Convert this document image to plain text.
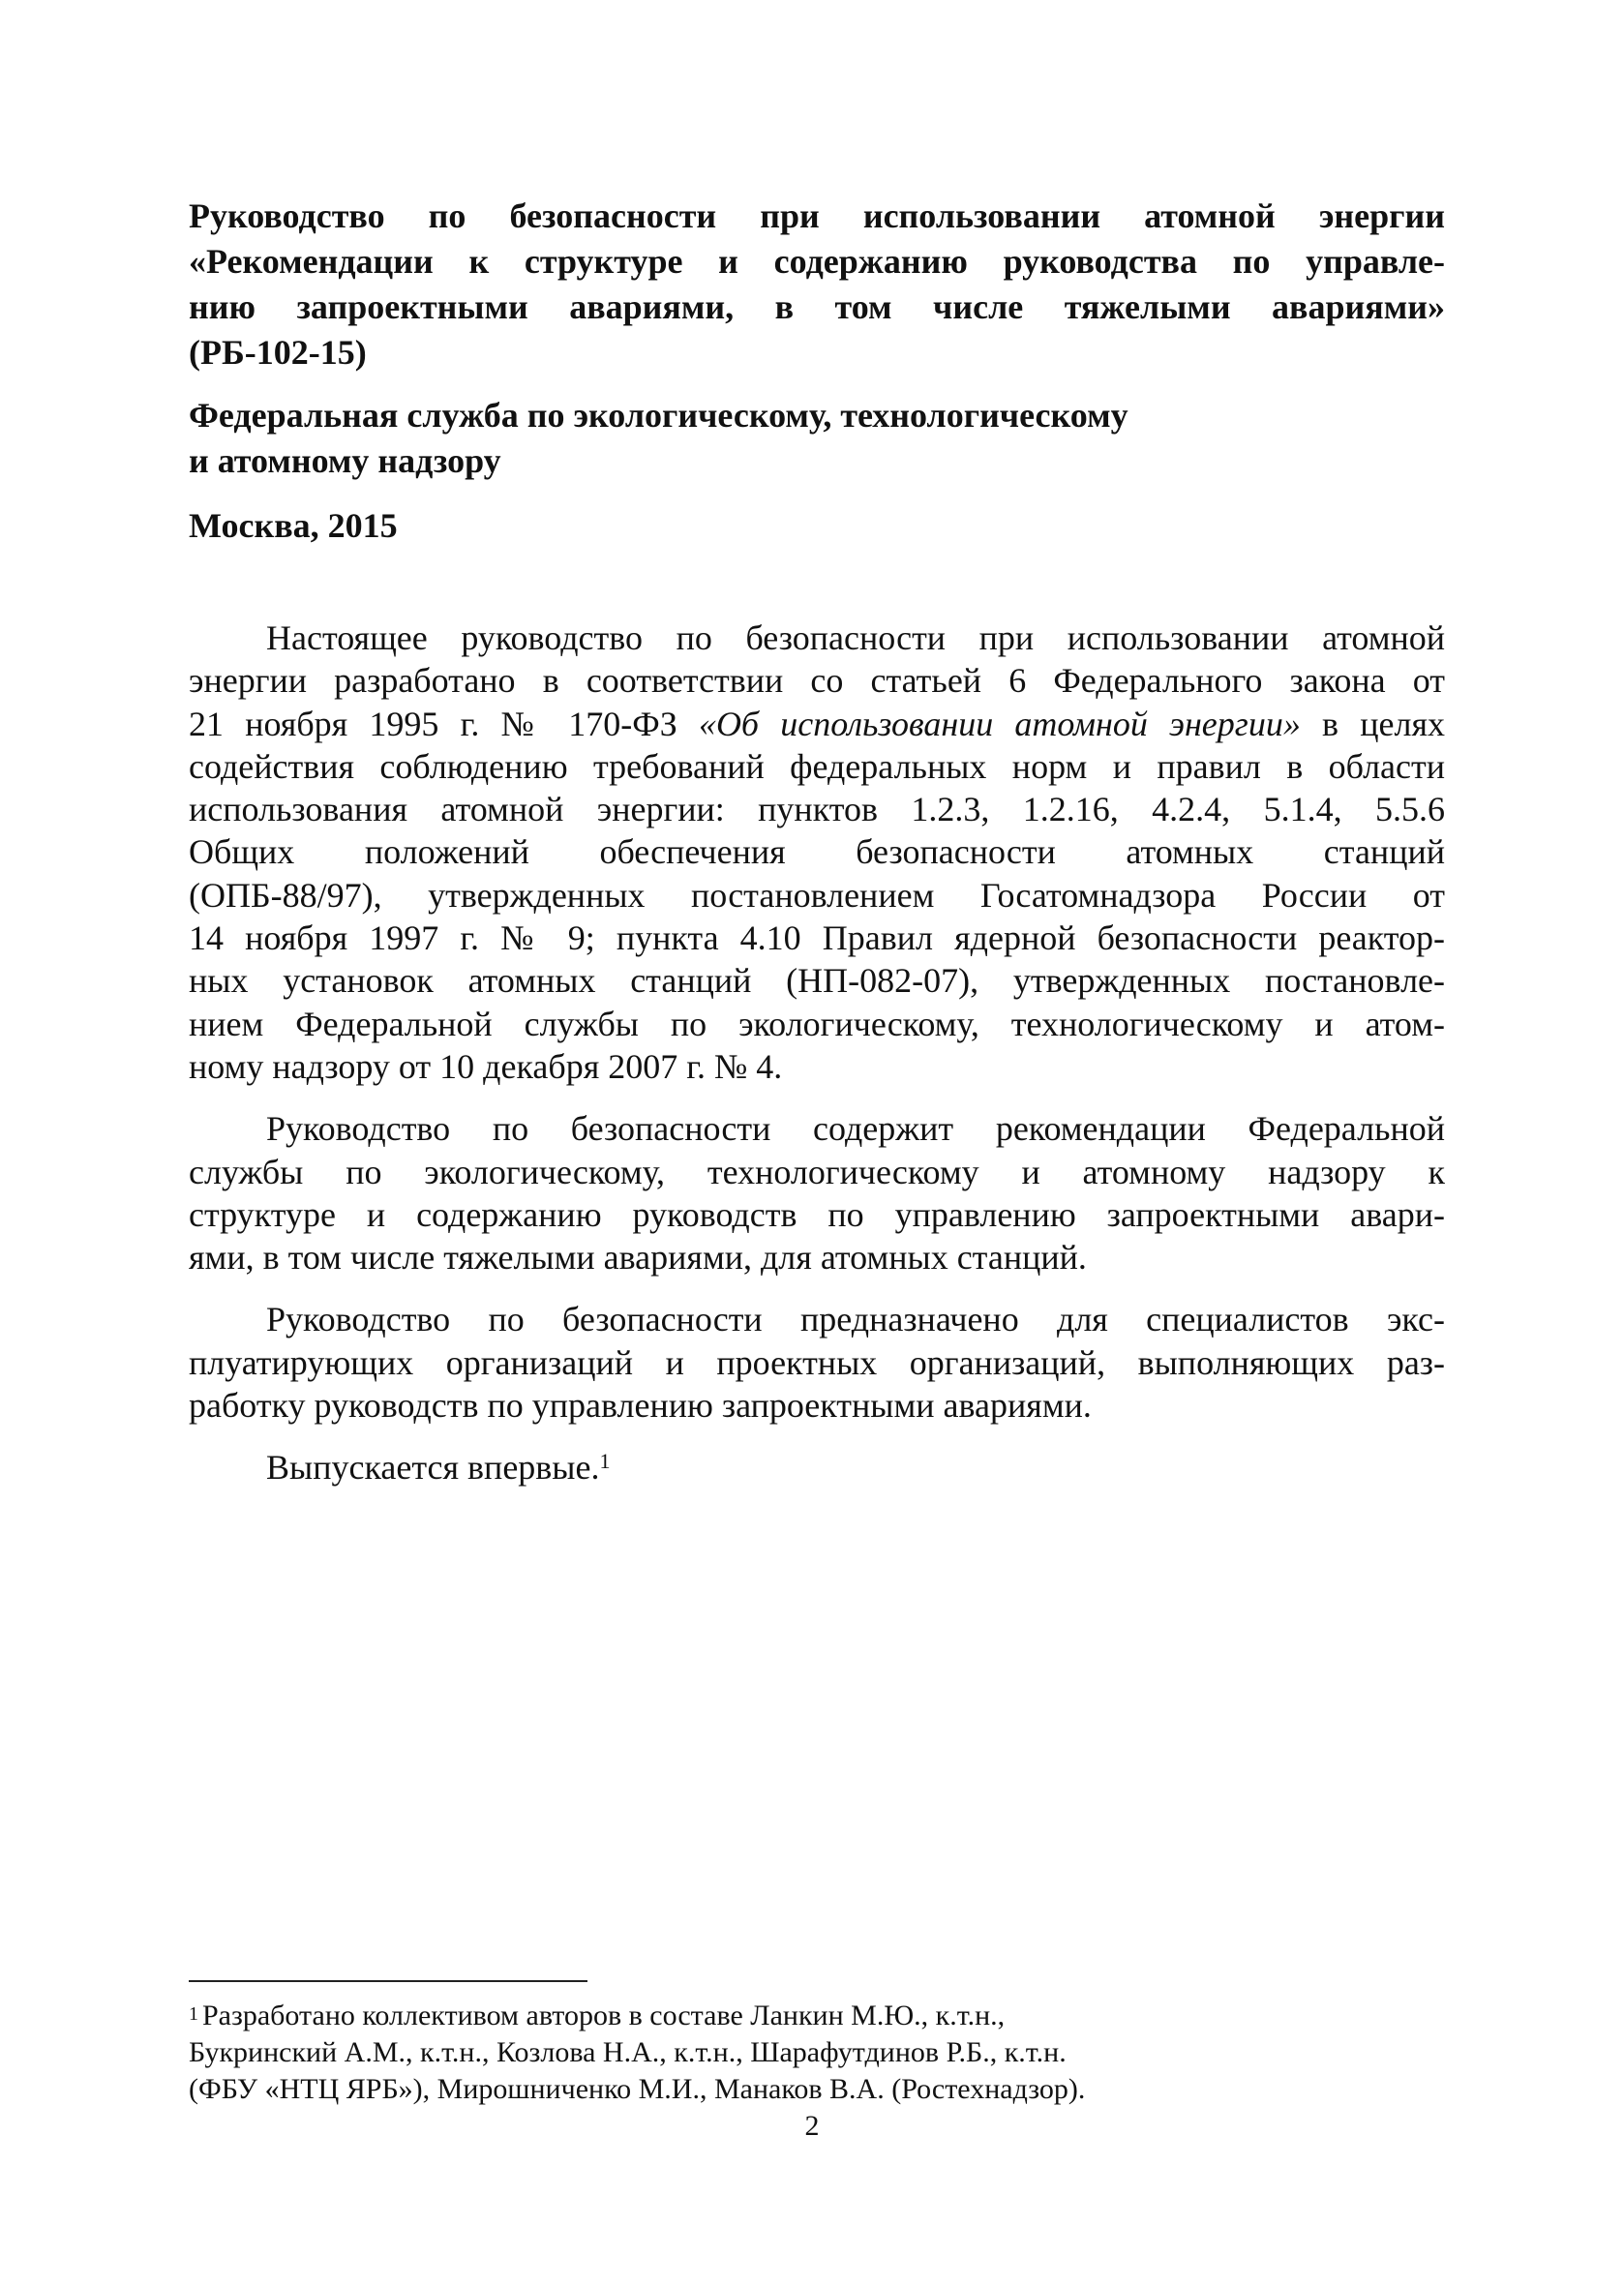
Руководство по безопасности при использовании атомной энергии
«Рекомендации к структуре и содержанию руководства по управле-
нию запроектными авариями, в том числе тяжелыми авариями»
(РБ-102-15)
Федеральная служба по экологическому, технологическому
и атомному надзору
Москва, 2015
Настоящее руководство по безопасности при использовании атомной
энергии разработано в соответствии со статьей 6 Федерального закона от
21 ноября 1995 г. № 170-ФЗ «Об использовании атомной энергии» в целях
содействия соблюдению требований федеральных норм и правил в области
использования атомной энергии: пунктов 1.2.3, 1.2.16, 4.2.4, 5.1.4, 5.5.6
Общих положений обеспечения безопасности атомных станций
(ОПБ-88/97), утвержденных постановлением Госатомнадзора России от
14 ноября 1997 г. № 9; пункта 4.10 Правил ядерной безопасности реактор-
ных установок атомных станций (НП-082-07), утвержденных постановле-
нием Федеральной службы по экологическому, технологическому и атом-
ному надзору от 10 декабря 2007 г. № 4.
Руководство по безопасности содержит рекомендации Федеральной
службы по экологическому, технологическому и атомному надзору к
структуре и содержанию руководств по управлению запроектными авари-
ями, в том числе тяжелыми авариями, для атомных станций.
Руководство по безопасности предназначено для специалистов экс-
плуатирующих организаций и проектных организаций, выполняющих раз-
работку руководств по управлению запроектными авариями.
Выпускается впервые.$^1$
$^1$ Разработано коллективом авторов в составе Ланкин М.Ю., к.т.н.,
Букринский А.М., к.т.н., Козлова Н.А., к.т.н., Шарафутдинов Р.Б., к.т.н.
(ФБУ «НТЦ ЯРБ»), Мирошниченко М.И., Манаков В.А. (Ростехнадзор).
2
